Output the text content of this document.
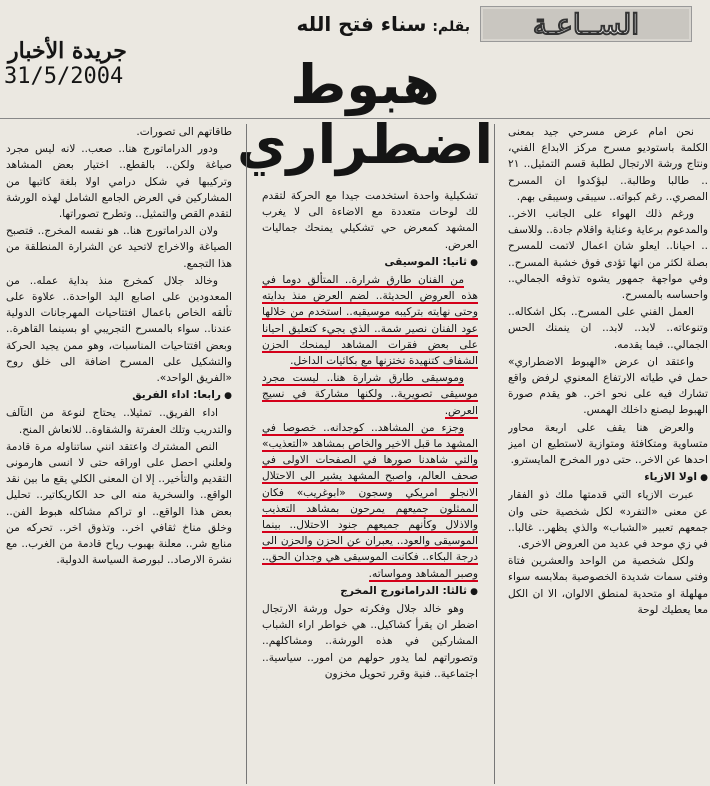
الســاعـة
بقلم:سناء فتح الله
هبوط اضطراري
جريدة الأخبار
31/5/2004

نحن امام عرض مسرحي جيد بمعنى الكلمة باستوديو مسرح مركز الابداع الفني، ونتاج ورشة الارتجال لطلبة قسم التمثيل.. ٢١ .. طالبا وطالبة.. ليؤكدوا ان المسرح المصري.. رغم كبواته.. سيبقى وسيبقى بهم.

ورغم ذلك الهواء على الجانب الاخر.. والمدعوم برعاية وعناية واقلام جادة.. وللاسف .. احيانا.. ايعلو شان اعمال لاتمت للمسرح بصلة لكثر من انها تؤدى فوق خشبة المسرح.. وفي مواجهة جمهور يشوه تذوقه الجمالي.. واحساسه بالمسرح.

العمل الفني على المسرح.. بكل اشكاله.. وتنوعاته.. لابد.. لابد.. ان ينمنك الحس الجمالي.. فيما يقدمه.

واعتقد ان عرض «الهبوط الاضطراري» حمل في طياته الارتفاع المعنوي لرفض واقع تشارك فيه على نحو اخر.. هو يقدم صورة الهبوط ليصنع داخلك الهمس.

والعرض هنا يقف على اربعة محاور متساوية ومتكافئة ومتوازية لاستطيع ان اميز احدها عن الاخر.. حتى دور المخرج المايسترو.

● اولا الازياء

عبرت الازياء التي قدمتها ملك ذو الفقار عن معنى «التفرد» لكل شخصية حتى وان جمعهم تعبير «الشباب» والذي يظهر.. غالبا.. في زي موحد في عديد من العروض الاخرى.

ولكل شخصية من الواحد والعشرين فتاة وفتى سمات شديدة الخصوصية بملابسه سواء مهلهلة او متحدية لمنطق الالوان، الا ان الكل معا يعطيك لوحة

تشكيلية واحدة استخدمت جيدا مع الحركة لتقدم لك لوحات متعددة مع الاضاءة الى لا يغرب المشهد كمعرض حي تشكيلي يمنحك جماليات العرض.

● ثانيا: الموسيقى

من الفنان طارق شرارة.. المتألق دوما في هذه العروض الحديثة.. لضم العرض منذ بدايته وحتى نهايته بتركيبه موسيقيه.. استخدم من خلالها عود الفنان نصير شمة.. الذي يجيء كتعليق احيانا على بعض فقرات المشاهد ليمنحك الحزن الشفاف كتنهيدة تختزنها مع بكائيات الداخل.

وموسيقى طارق شرارة هنا.. ليست مجرد موسيقى تصويرية.. ولكنها مشاركة في نسيج العرض.

وجزء من المشاهد.. كوجدانه.. خصوصا في المشهد ما قبل الاخير والخاص بمشاهد «التعذيب» والتي شاهدنا صورها في الصفحات الاولى في صحف العالم، واصبح المشهد يشير الى الاحتلال الانجلو امريكي وسجون «ابوغريب» فكان الممثلون جميعهم يمرحون بمشاهد التعذيب والاذلال وكأنهم جميعهم جنود الاحتلال.. بينما الموسيقى والعود.. يعبران عن الحزن والحزن الى درجة البكاء.. فكانت الموسيقى هي وجدان الحق.. وصبر المشاهد ومواساته.

● ثالثا: الدراماتورج المخرج

وهو خالد جلال وفكرته حول ورشة الارتجال اضطر ان يقرأ كشاكيل.. هي خواطر اراء الشباب المشاركين في هذه الورشة.. ومشاكلهم.. وتصوراتهم لما يدور حولهم من امور.. سياسية.. اجتماعية.. فنية وقرر تحويل مخزون

طاقاتهم الى تصورات.

ودور الدراماتورج هنا.. صعب.. لانه ليس مجرد صياغة ولكن.. بالقطع.. اختيار بعض المشاهد وتركيبها في شكل درامي اولا بلغة كاتبها من المشاركين في العرض الجامع الشامل لهذه الورشة لتقدم القص والتمثيل.. وتطرح تصوراتها.

ولان الدراماتورج هنا.. هو نفسه المخرج.. فتصبح الصياغة والاخراج لاتحيد عن الشرارة المنطلقة من هذا التجمع.

وخالد جلال كمخرج منذ بداية عمله.. من المعدودين على اصابع اليد الواحدة.. علاوة على تألقه الخاص باعمال افتتاحيات المهرجانات الدولية عندنا.. سواء بالمسرح التجريبي او بسينما القاهرة.. وبعض افتتاحيات المناسبات، وهو ممن يجيد الحركة والتشكيل على المسرح اضافة الى خلق روح «الفريق الواحد».

● رابعا: اداء الفريق

اداء الفريق.. تمثيلا.. يحتاج لنوعة من التآلف والتدريب وتلك العفرتة والشقاوة.. للانعاش المنح.

النص المشترك واعتقد انني ساتناوله مرة قادمة ولعلني احصل على اوراقه حتى لا انسى هارمونى التقديم والتأخير.. إلا ان المعنى الكلي يقع ما بين نقد الواقع.. والسخرية منه الى حد الكاريكاتير.. تحليل بعض هذا الواقع.. او تراكم مشاكله هبوط الفن.. وخلق مناخ ثقافي اخر.. وتذوق اخر.. تحركه من منابع شر.. معلنة بهبوب رياح قادمة من الغرب.. مع نشرة الارصاد.. لبورصة السياسة الدولية.
